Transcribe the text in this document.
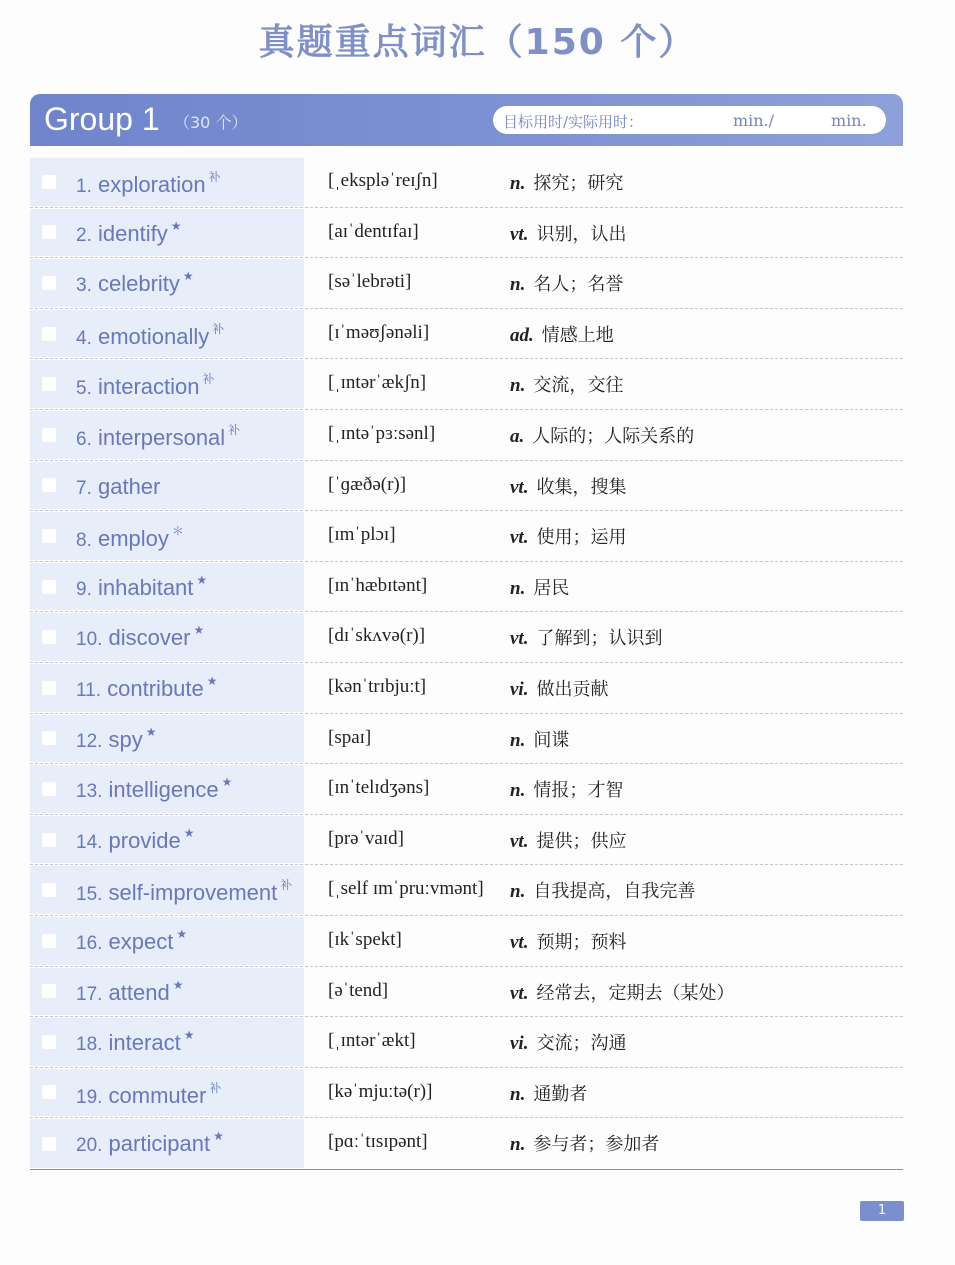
真题重点词汇（150 个）
Group 1 （30 个）	目标用时/实际用时：	min./	min.
1. exploration $^补$	[ˌekspləˈreɪʃn]	n. 探究；研究
2. identify ★	[aɪˈdentɪfaɪ]	vt. 识别，认出
3. celebrity ★	[səˈlebrəti]	n. 名人；名誉
4. emotionally $^补$	[ɪˈməʊʃənəli]	ad. 情感上地
5. interaction $^补$	[ˌɪntərˈækʃn]	n. 交流，交往
6. interpersonal $^补$	[ˌɪntəˈpɜːsənl]	a. 人际的；人际关系的
7. gather	[ˈɡæðə(r)]	vt. 收集，搜集
8. employ ＊	[ɪmˈplɔɪ]	vt. 使用；运用
9. inhabitant ★	[ɪnˈhæbɪtənt]	n. 居民
10. discover ★	[dɪˈskʌvə(r)]	vt. 了解到；认识到
11. contribute ★	[kənˈtrɪbjuːt]	vi. 做出贡献
12. spy ★	[spaɪ]	n. 间谍
13. intelligence ★	[ɪnˈtelɪdʒəns]	n. 情报；才智
14. provide ★	[prəˈvaɪd]	vt. 提供；供应
15. self-improvement $^补$ [ˌself ɪmˈpruːvmənt] n. 自我提高，自我完善
16. expect ★	[ɪkˈspekt]	vt. 预期；预料
17. attend ★	[əˈtend]	vt. 经常去，定期去（某处）
18. interact ★	[ˌɪntərˈækt]	vi. 交流；沟通
19. commuter $^补$	[kəˈmjuːtə(r)]	n. 通勤者
20. participant ★	[pɑːˈtɪsɪpənt]	n. 参与者；参加者
1
